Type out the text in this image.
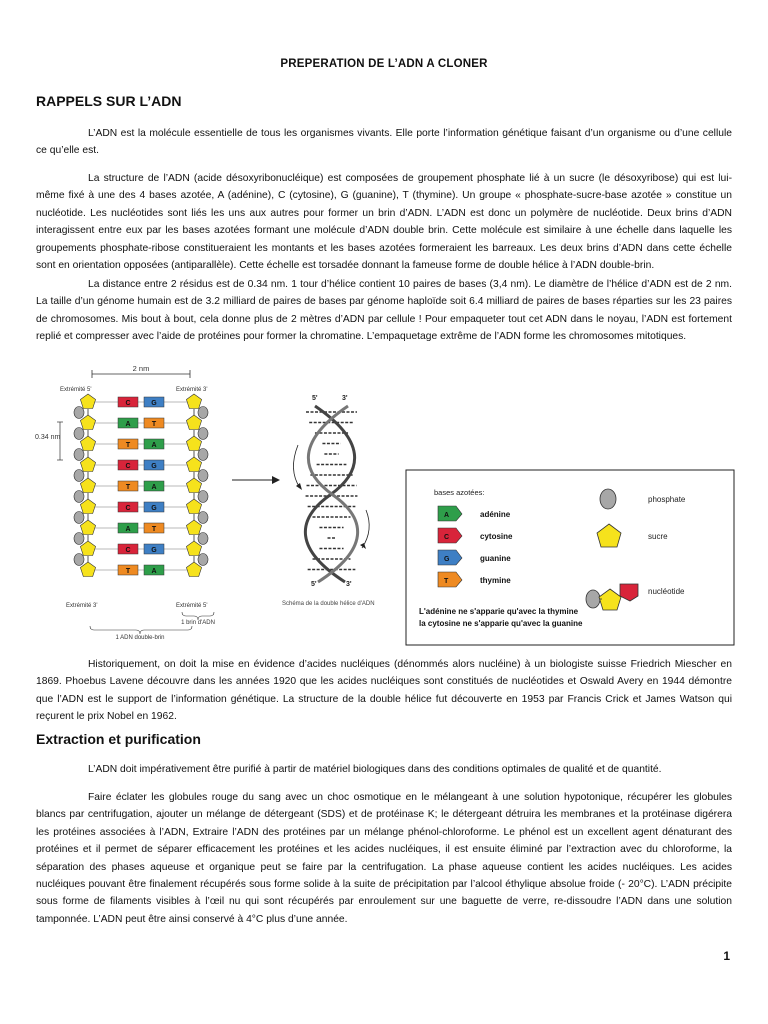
PREPERATION DE L’ADN A CLONER
RAPPELS SUR L’ADN

L’ADN est la molécule essentielle de tous les organismes vivants. Elle porte l’information génétique faisant d’un organisme ou d’une cellule ce qu’elle est.

La structure de l’ADN (acide désoxyribonucléique) est composées de groupement phosphate lié à un sucre (le désoxyribose) qui est lui-même fixé à une des 4 bases azotée, A (adénine), C (cytosine), G (guanine), T (thymine). Un groupe « phosphate-sucre-base azotée » constitue un nucléotide. Les nucléotides sont liés les uns aux autres pour former un brin d’ADN. L’ADN est donc un polymère de nucléotide. Deux brins d’ADN interagissent entre eux par les bases azotées formant une molécule d’ADN double brin. Cette molécule est similaire à une échelle dans laquelle les groupements phosphate-ribose constitueraient les montants et les bases azotées formeraient les barreaux. Les deux brins d’ADN dans cette échelle sont en orientation opposées (antiparallèle). Cette échelle est torsadée donnant la fameuse forme de double hélice à l’ADN double-brin.

La distance entre 2 résidus est de 0.34 nm. 1 tour d’hélice contient 10 paires de bases (3,4 nm). Le diamètre de l’hélice d’ADN est de 2 nm. La taille d’un génome humain est de 3.2 milliard de paires de bases par génome haploïde soit 6.4 milliard de paires de bases réparties sur les 23 paires de chromosomes. Mis bout à bout, cela donne plus de 2 mètres d’ADN par cellule ! Pour empaqueter tout cet ADN dans le noyau, l’ADN est fortement replié et compresser avec l’aide de protéines pour former la chromatine. L’empaquetage extrême de l’ADN forme les chromosomes mitotiques.

2 nm
Extrémité 5'	Extrémité 3'
0.34 nm
C	G
A	T
T	A
C	G
T	A
C	G
A	T
C	G
T	A
Extrémité 3'	Extrémité 5'
1 brin d'ADN
1 ADN double-brin
5'	3'
5'	3'
Schéma de la double hélice d'ADN
bases azotées:
A	adénine
C	cytosine
G	guanine
T	thymine
phosphate
sucre
nucléotide
L'adénine ne s'apparie qu'avec la thymine
la cytosine ne s'apparie qu'avec la guanine

Historiquement, on doit la mise en évidence d’acides nucléiques (dénommés alors nucléine) à un biologiste suisse Friedrich Miescher en 1869. Phoebus Lavene découvre dans les années 1920 que les acides nucléiques sont constitués de nucléotides et Oswald Avery en 1944 démontre que l’ADN est le support de l’information génétique. La structure de la double hélice fut découverte en 1953 par Francis Crick et James Watson qui reçurent le prix Nobel en 1962.

Extraction et purification

L’ADN doit impérativement être purifié à partir de matériel biologiques dans des conditions optimales de qualité et de quantité.

Faire éclater les globules rouge du sang avec un choc osmotique en le mélangeant à une solution hypotonique, récupérer les globules blancs par centrifugation, ajouter un mélange de détergeant (SDS) et de protéinase K; le détergeant détruira les membranes et la protéinase digérera les protéines associées à l’ADN, Extraire l’ADN des protéines par un mélange phénol-chloroforme. Le phénol est un excellent agent dénaturant des protéines et il permet de séparer efficacement les protéines et les acides nucléiques, il est ensuite éliminé par l’extraction avec du chloroforme, la séparation des phases aqueuse et organique peut se faire par la centrifugation. La phase aqueuse contient les acides nucléiques. Les acides nucléiques pouvant être finalement récupérés sous forme solide à la suite de précipitation par l’alcool éthylique absolue froide (- 20°C). L’ADN précipite sous forme de filaments visibles à l’œil nu qui sont récupérés par enroulement sur une baguette de verre, re-dissoudre l’ADN dans une solution tamponnée. L’ADN peut être ainsi conservé à 4°C plus d’une année.

1
